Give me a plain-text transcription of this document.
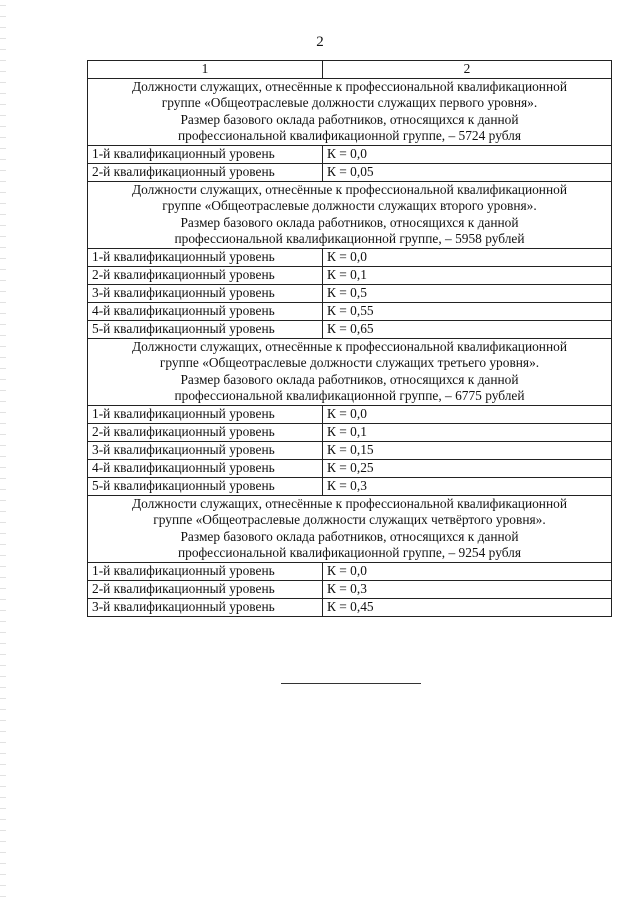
2
1	2

Должности служащих, отнесённые к профессиональной квалификационной
группе «Общеотраслевые должности служащих первого уровня».
Размер базового оклада работников, относящихся к данной
профессиональной квалификационной группе, – 5724 рубля	

1-й квалификационный уровень	К = 0,0
2-й квалификационный уровень	К = 0,05

Должности служащих, отнесённые к профессиональной квалификационной
группе «Общеотраслевые должности служащих второго уровня».
Размер базового оклада работников, относящихся к данной
профессиональной квалификационной группе, – 5958 рублей	

1-й квалификационный уровень	К = 0,0
2-й квалификационный уровень	К = 0,1
3-й квалификационный уровень	К = 0,5
4-й квалификационный уровень	К = 0,55
5-й квалификационный уровень	К = 0,65

Должности служащих, отнесённые к профессиональной квалификационной
группе «Общеотраслевые должности служащих третьего уровня».
Размер базового оклада работников, относящихся к данной
профессиональной квалификационной группе, – 6775 рублей	

1-й квалификационный уровень	К = 0,0
2-й квалификационный уровень	К = 0,1
3-й квалификационный уровень	К = 0,15
4-й квалификационный уровень	К = 0,25
5-й квалификационный уровень	К = 0,3

Должности служащих, отнесённые к профессиональной квалификационной
группе «Общеотраслевые должности служащих четвёртого уровня».
Размер базового оклада работников, относящихся к данной
профессиональной квалификационной группе, – 9254 рубля	

1-й квалификационный уровень	К = 0,0
2-й квалификационный уровень	К = 0,3
3-й квалификационный уровень	К = 0,45
